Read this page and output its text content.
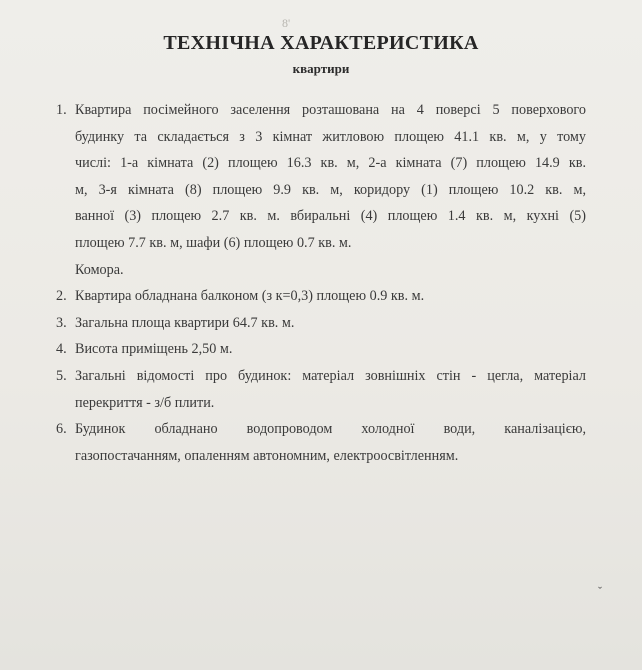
8'
ТЕХНІЧНА ХАРАКТЕРИСТИКА
квартири
1. Квартира посімейного заселення розташована на 4 поверсі 5 поверхового
будинку та складається з 3 кімнат житловою площею 41.1 кв. м, у тому
числі: 1-а кімната (2) площею 16.3 кв. м, 2-а кімната (7) площею 14.9 кв.
м, 3-я кімната (8) площею 9.9 кв. м, коридору (1) площею 10.2 кв. м,
ванної (3) площею 2.7 кв. м. вбиральні (4) площею 1.4 кв. м, кухні (5)
площею 7.7 кв. м, шафи (6) площею 0.7 кв. м.
Комора.
2. Квартира обладнана балконом (з к=0,3) площею 0.9 кв. м.
3. Загальна площа квартири 64.7 кв. м.
4. Висота приміщень 2,50 м.
5. Загальні відомості про будинок: матеріал зовнішніх стін - цегла, матеріал
перекриття - з/б плити.
6. Будинок обладнано водопроводом холодної води, каналізацією,
газопостачанням, опаленням автономним, електроосвітленням.
ˇ
